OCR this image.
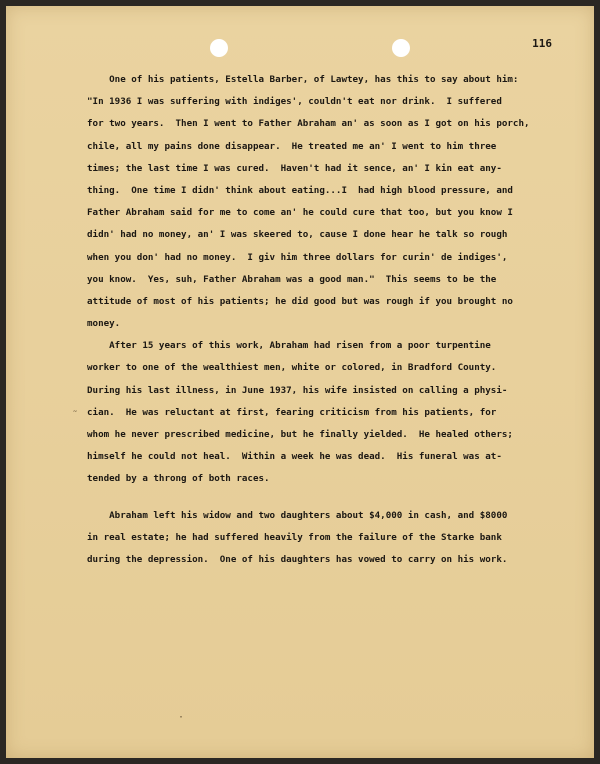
116
˜
·
One of his patients, Estella Barber, of Lawtey, has this to say about him:
"In 1936 I was suffering with indiges', couldn't eat nor drink.  I suffered
for two years.  Then I went to Father Abraham an' as soon as I got on his porch,
chile, all my pains done disappear.  He treated me an' I went to him three
times; the last time I was cured.  Haven't had it sence, an' I kin eat any-
thing.  One time I didn' think about eating...I  had high blood pressure, and
Father Abraham said for me to come an' he could cure that too, but you know I
didn' had no money, an' I was skeered to, cause I done hear he talk so rough
when you don' had no money.  I giv him three dollars for curin' de indiges',
you know.  Yes, suh, Father Abraham was a good man."  This seems to be the
attitude of most of his patients; he did good but was rough if you brought no
money.
After 15 years of this work, Abraham had risen from a poor turpentine
worker to one of the wealthiest men, white or colored, in Bradford County.
During his last illness, in June 1937, his wife insisted on calling a physi-
cian.  He was reluctant at first, fearing criticism from his patients, for
whom he never prescribed medicine, but he finally yielded.  He healed others;
himself he could not heal.  Within a week he was dead.  His funeral was at-
tended by a throng of both races.
Abraham left his widow and two daughters about $4,000 in cash, and $8000
in real estate; he had suffered heavily from the failure of the Starke bank
during the depression.  One of his daughters has vowed to carry on his work.
